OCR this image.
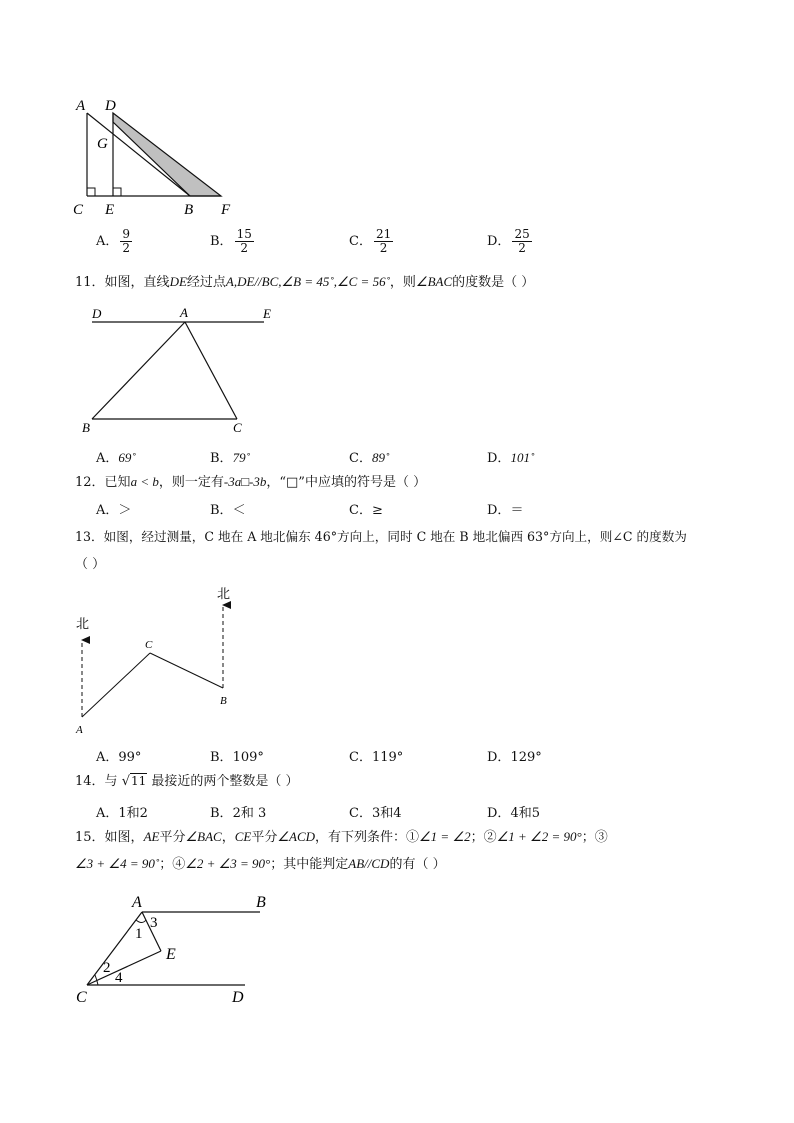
A D
G
C E	B F
A． $\frac{9}{2}$	B． $\frac{15}{2}$	C． $\frac{21}{2}$	D． $\frac{25}{2}$
11．如图，直线DE经过点A,DE//BC,∠B = 45˚,∠C = 56˚，则∠BAC的度数是（ ）
D	A	E
B	C
A．69˚	B．79˚	C．89˚	D．101˚
12．已知a < b，则一定有-3a□-3b，“□”中应填的符号是（ ）
A．＞	B．＜	C．≥	D．＝
13．如图，经过测量，C 地在 A 地北偏东 46°方向上，同时 C 地在 B 地北偏西 63°方向上，则∠C 的度数为
（ ）
北
北
A
B
C
A．99°	B．109°	C．119°	D．129°
14．与 √11 最接近的两个整数是（ ）
A．1和2	B．2和 3	C．3和4	D．4和5
15．如图，AE平分∠BAC，CE平分∠ACD，有下列条件：①∠1 = ∠2；②∠1 + ∠2 = 90°；③
∠3 + ∠4 = 90˚；④∠2 + ∠3 = 90°；其中能判定AB//CD的有（ ）
A	B
C	D
E
1
2
3
4
